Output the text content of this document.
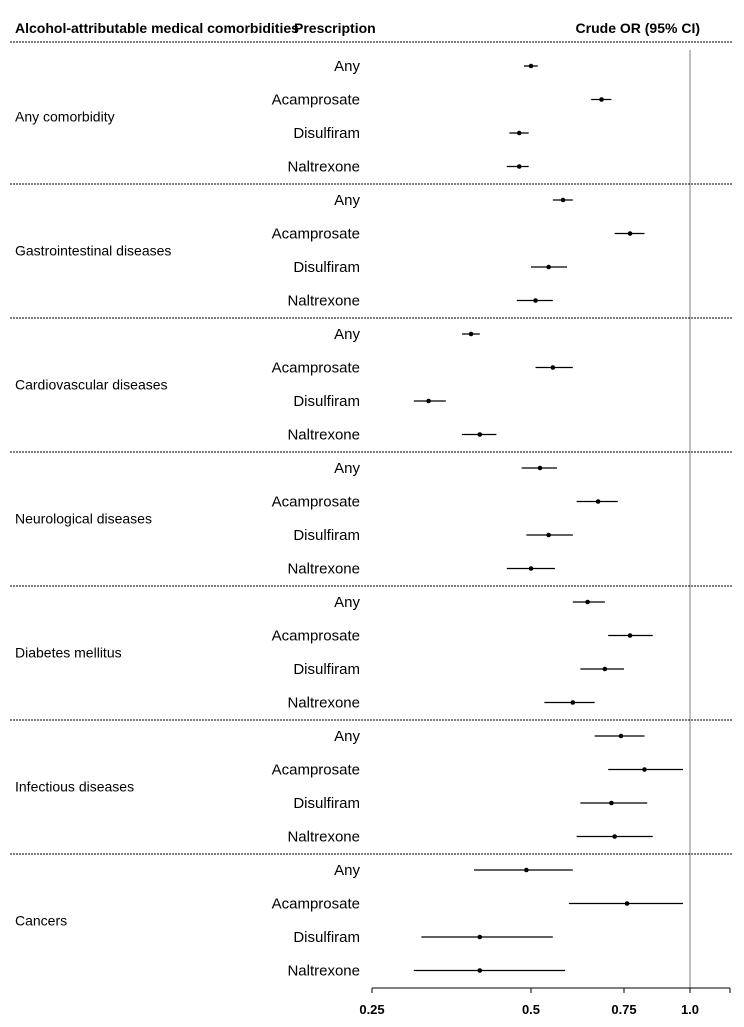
Alcohol-attributable medical comorbidities
Prescription	Crude OR (95% CI)
Any comorbidity
Any
Acamprosate
Disulfiram
Naltrexone
Gastrointestinal diseases
Any
Acamprosate
Disulfiram
Naltrexone
Cardiovascular diseases
Any
Acamprosate
Disulfiram
Naltrexone
Neurological diseases
Any
Acamprosate
Disulfiram
Naltrexone
Diabetes mellitus
Any
Acamprosate
Disulfiram
Naltrexone
Infectious diseases
Any
Acamprosate
Disulfiram
Naltrexone
Cancers
Any
Acamprosate
Disulfiram
Naltrexone
0.25	0.5	0.75	1.0
